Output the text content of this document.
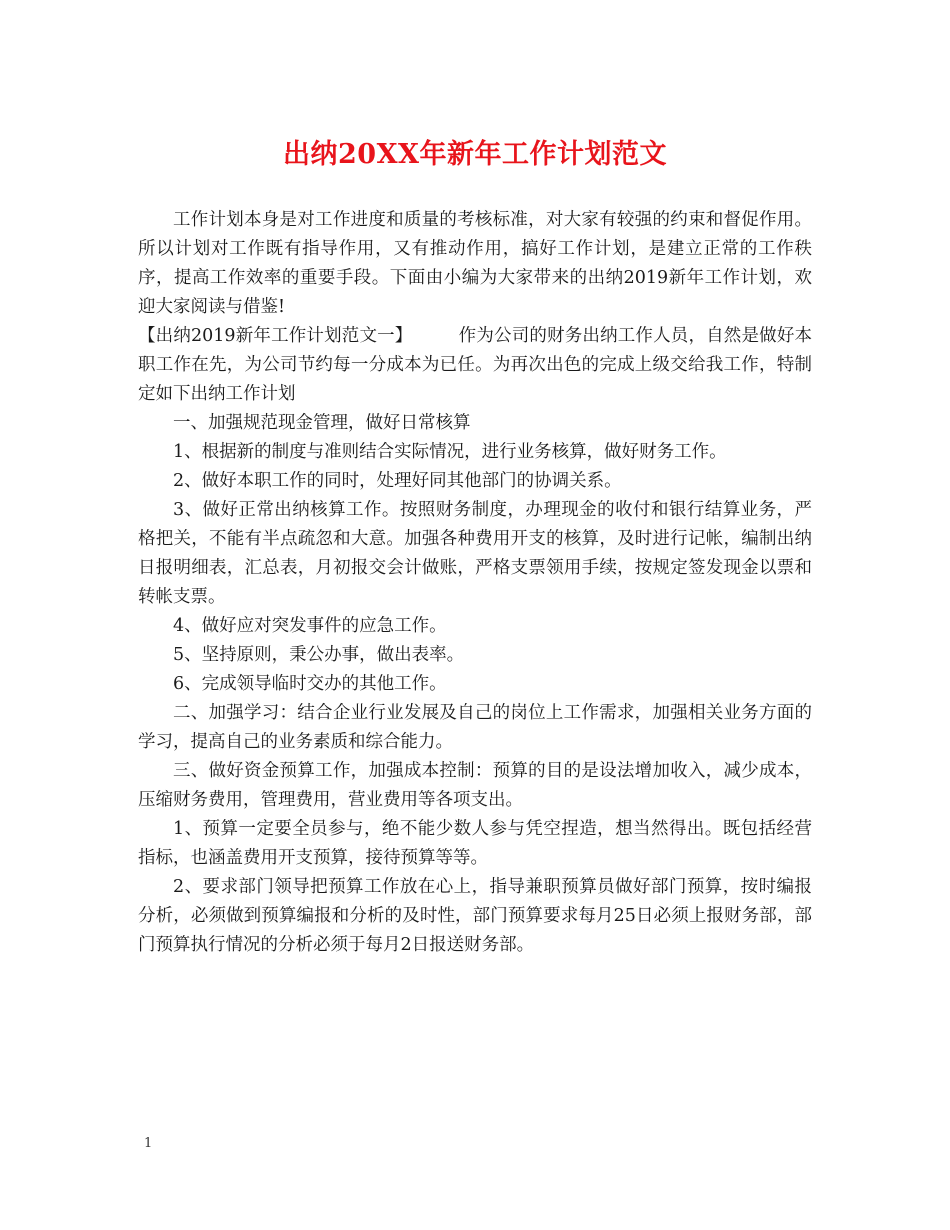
出纳20XX年新年工作计划范文

工作计划本身是对工作进度和质量的考核标准，对大家有较强的约束和督促作用。所以计划对工作既有指导作用，又有推动作用，搞好工作计划，是建立正常的工作秩序，提高工作效率的重要手段。下面由小编为大家带来的出纳2019新年工作计划，欢迎大家阅读与借鉴!

【出纳2019新年工作计划范文一】	作为公司的财务出纳工作人员，自然是做好本职工作在先，为公司节约每一分成本为已任。为再次出色的完成上级交给我工作，特制定如下出纳工作计划

一、加强规范现金管理，做好日常核算

1、根据新的制度与准则结合实际情况，进行业务核算，做好财务工作。

2、做好本职工作的同时，处理好同其他部门的协调关系。

3、做好正常出纳核算工作。按照财务制度，办理现金的收付和银行结算业务，严格把关，不能有半点疏忽和大意。加强各种费用开支的核算，及时进行记帐，编制出纳日报明细表，汇总表，月初报交会计做账，严格支票领用手续，按规定签发现金以票和转帐支票。

4、做好应对突发事件的应急工作。

5、坚持原则，秉公办事，做出表率。

6、完成领导临时交办的其他工作。

二、加强学习：结合企业行业发展及自己的岗位上工作需求，加强相关业务方面的学习，提高自己的业务素质和综合能力。

三、做好资金预算工作，加强成本控制：预算的目的是设法增加收入，减少成本，压缩财务费用，管理费用，营业费用等各项支出。

1、预算一定要全员参与，绝不能少数人参与凭空捏造，想当然得出。既包括经营指标，也涵盖费用开支预算，接待预算等等。

2、要求部门领导把预算工作放在心上，指导兼职预算员做好部门预算，按时编报分析，必须做到预算编报和分析的及时性，部门预算要求每月25日必须上报财务部，部门预算执行情况的分析必须于每月2日报送财务部。

1
